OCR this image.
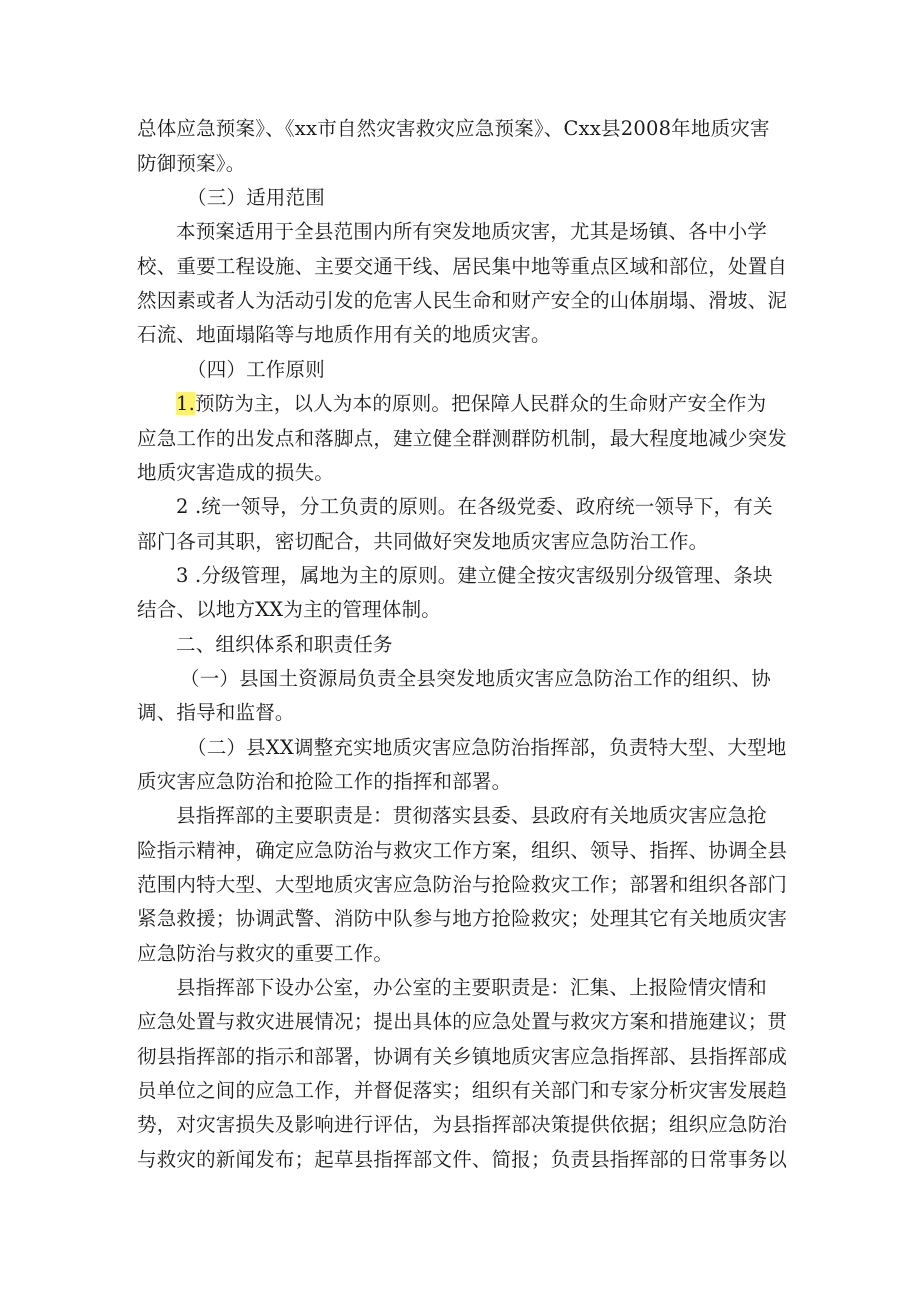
总体应急预案》、《xx市自然灾害救灾应急预案》、Cxx县2008年地质灾害
防御预案》。
（三）适用范围
本预案适用于全县范围内所有突发地质灾害，尤其是场镇、各中小学
校、重要工程设施、主要交通干线、居民集中地等重点区域和部位，处置自
然因素或者人为活动引发的危害人民生命和财产安全的山体崩塌、滑坡、泥
石流、地面塌陷等与地质作用有关的地质灾害。
（四）工作原则
1.预防为主，以人为本的原则。把保障人民群众的生命财产安全作为
应急工作的出发点和落脚点，建立健全群测群防机制，最大程度地减少突发
地质灾害造成的损失。
2 .统一领导，分工负责的原则。在各级党委、政府统一领导下，有关
部门各司其职，密切配合，共同做好突发地质灾害应急防治工作。
3 .分级管理，属地为主的原则。建立健全按灾害级别分级管理、条块
结合、以地方XX为主的管理体制。
二、组织体系和职责任务
（一）县国土资源局负责全县突发地质灾害应急防治工作的组织、协
调、指导和监督。
（二）县XX调整充实地质灾害应急防治指挥部，负责特大型、大型地
质灾害应急防治和抢险工作的指挥和部署。
县指挥部的主要职责是：贯彻落实县委、县政府有关地质灾害应急抢
险指示精神，确定应急防治与救灾工作方案，组织、领导、指挥、协调全县
范围内特大型、大型地质灾害应急防治与抢险救灾工作；部署和组织各部门
紧急救援；协调武警、消防中队参与地方抢险救灾；处理其它有关地质灾害
应急防治与救灾的重要工作。
县指挥部下设办公室，办公室的主要职责是：汇集、上报险情灾情和
应急处置与救灾进展情况；提出具体的应急处置与救灾方案和措施建议；贯
彻县指挥部的指示和部署，协调有关乡镇地质灾害应急指挥部、县指挥部成
员单位之间的应急工作，并督促落实；组织有关部门和专家分析灾害发展趋
势，对灾害损失及影响进行评估，为县指挥部决策提供依据；组织应急防治
与救灾的新闻发布；起草县指挥部文件、简报；负责县指挥部的日常事务以
